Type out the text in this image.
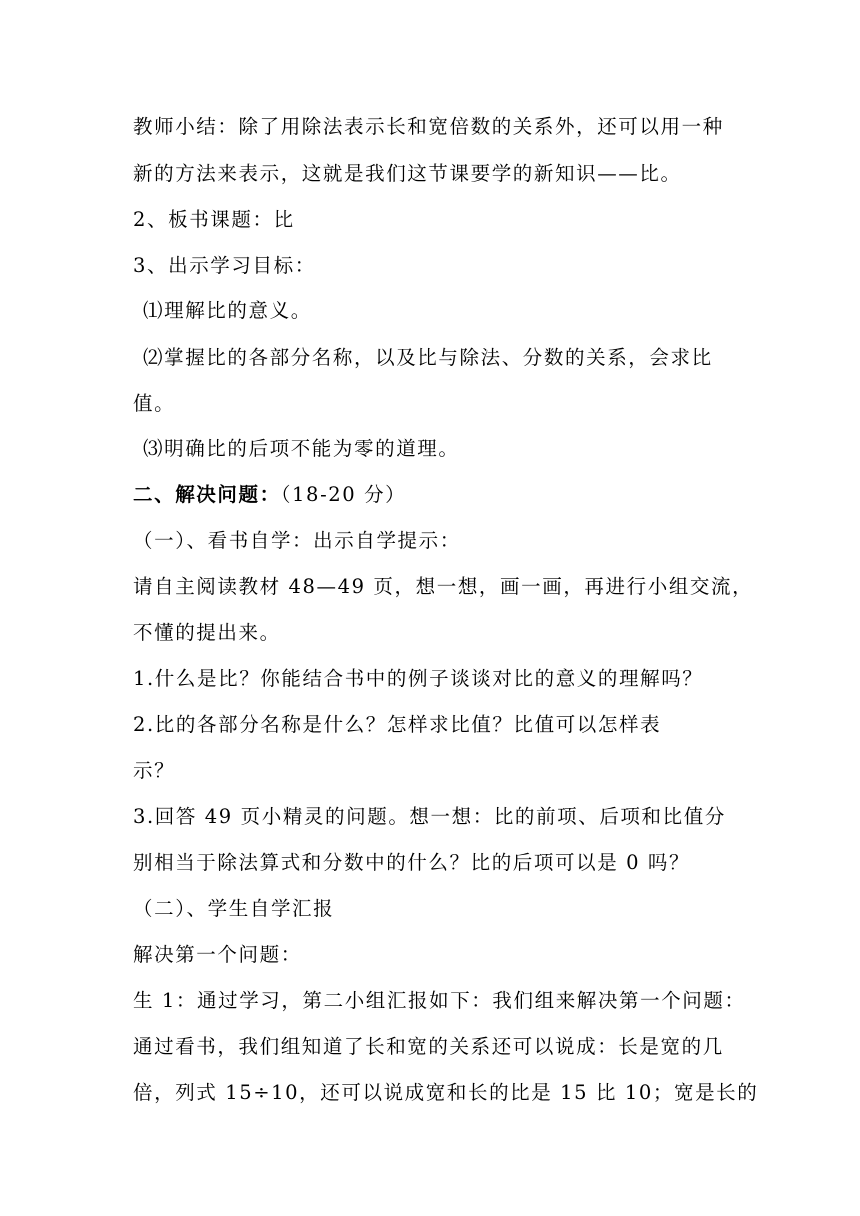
教师小结：除了用除法表示长和宽倍数的关系外，还可以用一种
新的方法来表示，这就是我们这节课要学的新知识——比。
2、板书课题：比
3、出示学习目标：
⑴理解比的意义。
⑵掌握比的各部分名称，以及比与除法、分数的关系，会求比
值。
⑶明确比的后项不能为零的道理。
二、解决问题：（18-20 分）
（一）、看书自学：出示自学提示：
请自主阅读教材 48—49 页，想一想，画一画，再进行小组交流，
不懂的提出来。
1.什么是比？你能结合书中的例子谈谈对比的意义的理解吗？
2.比的各部分名称是什么？怎样求比值？比值可以怎样表
示？
3.回答 49 页小精灵的问题。想一想：比的前项、后项和比值分
别相当于除法算式和分数中的什么？比的后项可以是 0 吗？
（二）、学生自学汇报
解决第一个问题：
生 1：通过学习，第二小组汇报如下：我们组来解决第一个问题：
通过看书，我们组知道了长和宽的关系还可以说成：长是宽的几
倍，列式 15÷10，还可以说成宽和长的比是 15 比 10；宽是长的
